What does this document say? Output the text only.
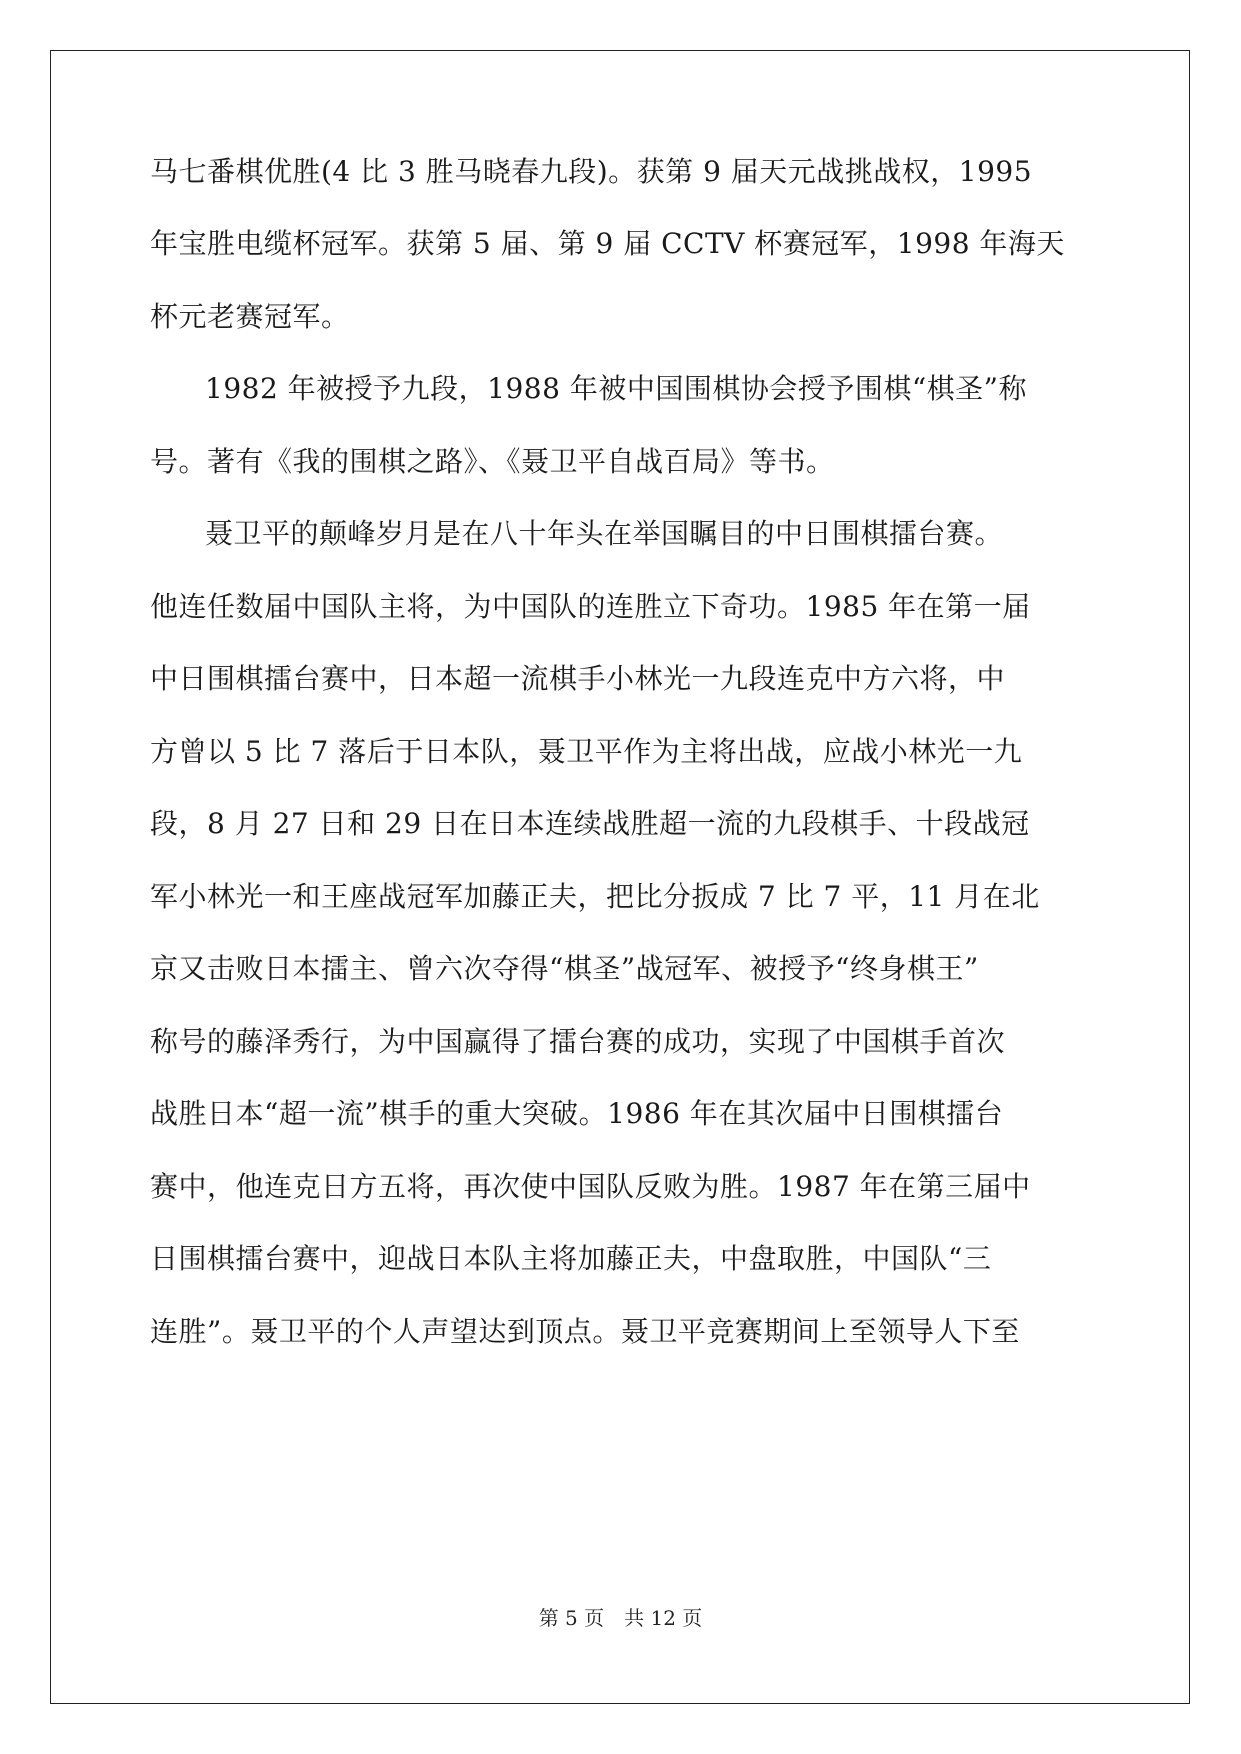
马七番棋优胜(4 比 3 胜马晓春九段)。获第 9 届天元战挑战权，1995
年宝胜电缆杯冠军。获第 5 届、第 9 届 CCTV 杯赛冠军，1998 年海天
杯元老赛冠军。
1982 年被授予九段，1988 年被中国围棋协会授予围棋“棋圣”称
号。著有《我的围棋之路》、《聂卫平自战百局》等书。
聂卫平的颠峰岁月是在八十年头在举国瞩目的中日围棋擂台赛。
他连任数届中国队主将，为中国队的连胜立下奇功。1985 年在第一届
中日围棋擂台赛中，日本超一流棋手小林光一九段连克中方六将，中
方曾以 5 比 7 落后于日本队，聂卫平作为主将出战，应战小林光一九
段，8 月 27 日和 29 日在日本连续战胜超一流的九段棋手、十段战冠
军小林光一和王座战冠军加藤正夫，把比分扳成 7 比 7 平，11 月在北
京又击败日本擂主、曾六次夺得“棋圣”战冠军、被授予“终身棋王”
称号的藤泽秀行，为中国赢得了擂台赛的成功，实现了中国棋手首次
战胜日本“超一流”棋手的重大突破。1986 年在其次届中日围棋擂台
赛中，他连克日方五将，再次使中国队反败为胜。1987 年在第三届中
日围棋擂台赛中，迎战日本队主将加藤正夫，中盘取胜，中国队“三
连胜”。聂卫平的个人声望达到顶点。聂卫平竞赛期间上至领导人下至
第 5 页　共 12 页
